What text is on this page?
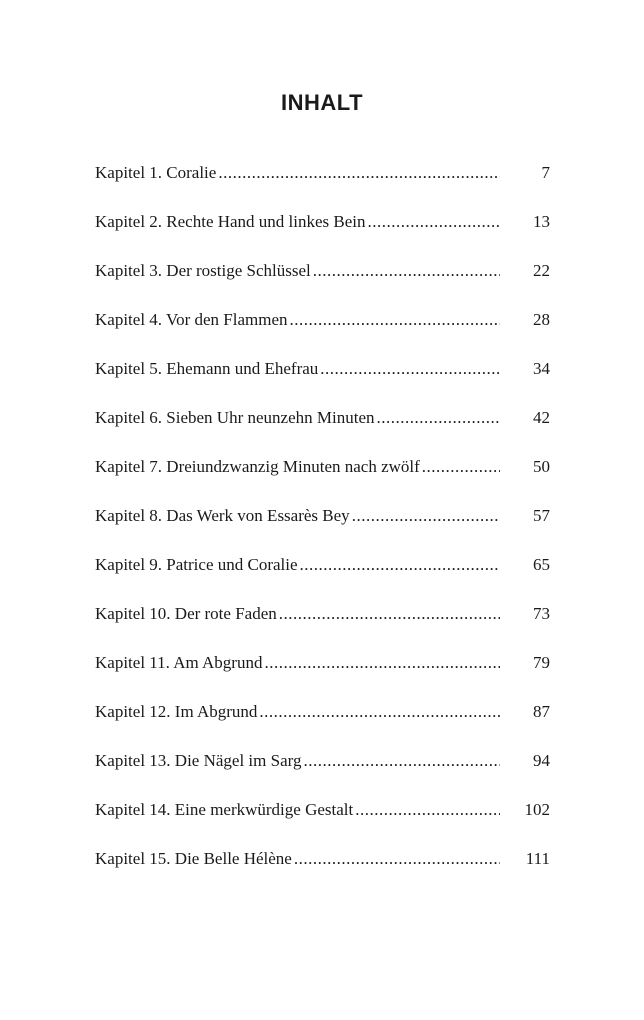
INHALT
Kapitel 1. Coralie .....	7
Kapitel 2. Rechte Hand und linkes Bein .....	13
Kapitel 3. Der rostige Schlüssel .....	22
Kapitel 4. Vor den Flammen .....	28
Kapitel 5. Ehemann und Ehefrau .....	34
Kapitel 6. Sieben Uhr neunzehn Minuten .....	42
Kapitel 7. Dreiundzwanzig Minuten nach zwölf .....	50
Kapitel 8. Das Werk von Essarès Bey .....	57
Kapitel 9. Patrice und Coralie .....	65
Kapitel 10. Der rote Faden .....	73
Kapitel 11. Am Abgrund .....	79
Kapitel 12. Im Abgrund .....	87
Kapitel 13. Die Nägel im Sarg .....	94
Kapitel 14. Eine merkwürdige Gestalt .....	102
Kapitel 15. Die Belle Hélène .....	111
